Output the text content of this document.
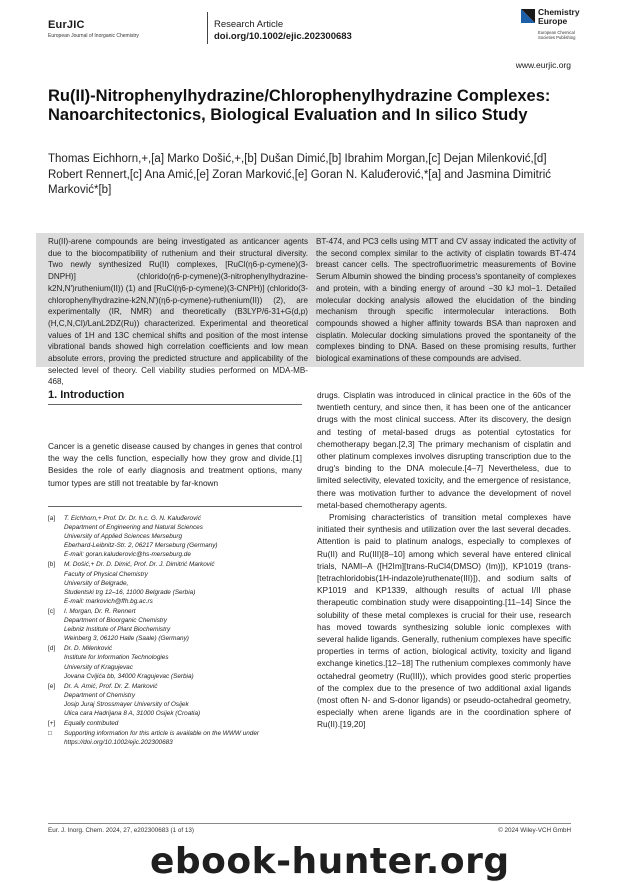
EurJIC
European Journal of Inorganic Chemistry
Research Article
doi.org/10.1002/ejic.202300683
Chemistry
Europe
European Chemical
Societies Publishing
www.eurjic.org
Ru(II)-Nitrophenylhydrazine/Chlorophenylhydrazine Complexes: Nanoarchitectonics, Biological Evaluation and In silico Study
Thomas Eichhorn,+,[a] Marko Došić,+,[b] Dušan Dimić,[b] Ibrahim Morgan,[c] Dejan Milenković,[d] Robert Rennert,[c] Ana Amić,[e] Zoran Marković,[e] Goran N. Kaluđerović,*[a] and Jasmina Dimitrić Marković*[b]

Ru(II)-arene compounds are being investigated as anticancer agents due to the biocompatibility of ruthenium and their structural diversity. Two newly synthesized Ru(II) complexes, [RuCl(η6-p-cymene)(3-DNPH)] (chlorido(η6-p-cymene)(3-nitrophenylhydrazine-k2N,N')ruthenium(II)) (1) and [RuCl(η6-p-cymene)(3-CNPH)] (chlorido(3-chlorophenylhydrazine-k2N,N')(η6-p-cymene)-ruthenium(II)) (2), are experimentally (IR, NMR) and theoretically (B3LYP/6-31+G(d,p)(H,C,N,Cl)/LanL2DZ(Ru)) characterized. Experimental and theoretical values of 1H and 13C chemical shifts and position of the most intense vibrational bands showed high correlation coefficients and low mean absolute errors, proving the predicted structure and applicability of the selected level of theory. Cell viability studies performed on MDA-MB-468,

BT-474, and PC3 cells using MTT and CV assay indicated the activity of the second complex similar to the activity of cisplatin towards BT-474 breast cancer cells. The spectrofluorimetric measurements of Bovine Serum Albumin showed the binding process's spontaneity of complexes and protein, with a binding energy of around −30 kJ mol−1. Detailed molecular docking analysis allowed the elucidation of the binding mechanism through specific intermolecular interactions. Both compounds showed a higher affinity towards BSA than naproxen and cisplatin. Molecular docking simulations proved the spontaneity of the complexes binding to DNA. Based on these promising results, further biological examinations of these compounds are advised.

1. Introduction

Cancer is a genetic disease caused by changes in genes that control the way the cells function, especially how they grow and divide.[1] Besides the role of early diagnosis and treatment options, many tumor types are still not treatable by far-known

[a]	T. Eichhorn,+ Prof. Dr. Dr. h.c. G. N. Kaluđerović
Department of Engineering and Natural Sciences
University of Applied Sciences Merseburg
Eberhard-Leibnitz-Str. 2, 06217 Merseburg (Germany)
E-mail: goran.kaluderovic@hs-merseburg.de
[b]	M. Došić,+ Dr. D. Dimić, Prof. Dr. J. Dimitrić Marković
Faculty of Physical Chemistry
University of Belgrade,
Studentski trg 12–16, 11000 Belgrade (Serbia)
E-mail: markovich@ffh.bg.ac.rs
[c]	I. Morgan, Dr. R. Rennert
Department of Bioorganic Chemistry
Leibniz Institute of Plant Biochemistry
Weinberg 3, 06120 Halle (Saale) (Germany)
[d]	Dr. D. Milenković
Institute for Information Technologies
University of Kragujevac
Jovana Cvijića bb, 34000 Kragujevac (Serbia)
[e]	Dr. A. Amić, Prof. Dr. Z. Marković
Department of Chemistry
Josip Juraj Strossmayer University of Osijek
Ulica cara Hadrijana 8 A, 31000 Osijek (Croatia)
[+]	Equally contributed
□	Supporting information for this article is available on the WWW under
https://doi.org/10.1002/ejic.202300683

drugs. Cisplatin was introduced in clinical practice in the 60s of the twentieth century, and since then, it has been one of the anticancer drugs with the most clinical success. After its discovery, the design and testing of metal-based drugs as potential cytostatics for chemotherapy began.[2,3] The primary mechanism of cisplatin and other platinum complexes involves disrupting transcription due to the drug's binding to the DNA molecule.[4–7] Nevertheless, due to limited selectivity, elevated toxicity, and the emergence of resistance, there was motivation further to advance the development of novel metal-based chemotherapy agents.

Promising characteristics of transition metal complexes have initiated their synthesis and utilization over the last several decades. Attention is paid to platinum analogs, especially to complexes of Ru(II) and Ru(III)[8–10] among which several have entered clinical trials, NAMI–A ([H2Im][trans-RuCl4(DMSO) (Im)]), KP1019 (trans-[tetrachloridobis(1H-indazole)ruthenate(III)]), and sodium salts of KP1019 and KP1339, although results of actual I/II phase therapeutic combination study were disappointing.[11–14] Since the solubility of these metal complexes is crucial for their use, research has moved towards synthesizing soluble ionic complexes with several halide ligands. Generally, ruthenium complexes have specific properties in terms of action, biological activity, toxicity and ligand exchange kinetics.[12–18] The ruthenium complexes commonly have octahedral geometry (Ru(III)), which provides good steric properties of the complex due to the presence of two additional axial ligands (most often N- and S-donor ligands) or pseudo-octahedral geometry, especially when arene ligands are in the coordination sphere of Ru(II).[19,20]

Eur. J. Inorg. Chem. 2024, 27, e202300683 (1 of 13)	© 2024 Wiley-VCH GmbH
ebook-hunter.org
